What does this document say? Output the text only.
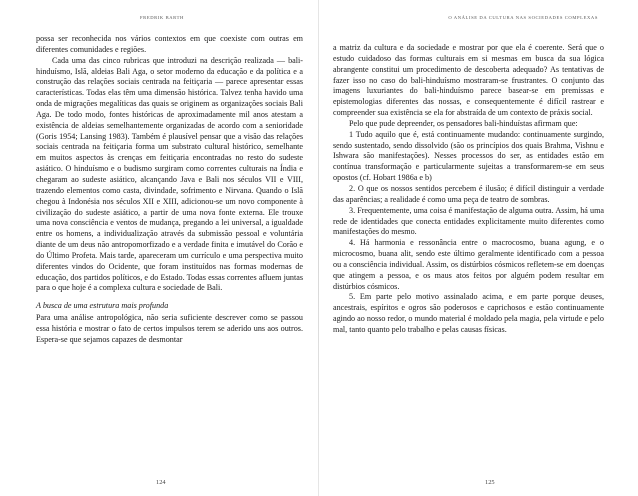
FREDRIK BARTH

possa ser reconhecida nos vários contextos em que coexiste com outras em diferentes comunidades e regiões.

Cada uma das cinco rubricas que introduzi na descrição realizada — bali-hinduísmo, Islã, aldeias Bali Aga, o setor moderno da educação e da política e a construção das relações sociais centrada na feitiçaria — parece apresentar essas características. Todas elas têm uma dimensão histórica. Talvez tenha havido uma onda de migrações megalíticas das quais se originem as organizações sociais Bali Aga. De todo modo, fontes históricas de aproximadamente mil anos atestam a existência de aldeias semelhantemente organizadas de acordo com a senioridade (Goris 1954; Lansing 1983). Também é plausível pensar que a visão das relações sociais centrada na feitiçaria forma um substrato cultural histórico, semelhante em muitos aspectos às crenças em feitiçaria encontradas no resto do sudeste asiático. O hinduísmo e o budismo surgiram como correntes culturais na Índia e chegaram ao sudeste asiático, alcançando Java e Bali nos séculos VII e VIII, trazendo elementos como casta, divindade, sofrimento e Nirvana. Quando o Islã chegou à Indonésia nos séculos XII e XIII, adicionou-se um novo componente à civilização do sudeste asiático, a partir de uma nova fonte externa. Ele trouxe uma nova consciência e ventos de mudança, pregando a lei universal, a igualdade entre os homens, a individualização através da submissão pessoal e voluntária diante de um deus não antropomorfizado e a verdade finita e imutável do Corão e do Último Profeta. Mais tarde, apareceram um currículo e uma perspectiva muito diferentes vindos do Ocidente, que foram instituídos nas formas modernas de educação, dos partidos políticos, e do Estado. Todas essas correntes afluem juntas para o que hoje é a complexa cultura e sociedade de Bali.

A busca de uma estrutura mais profunda

Para uma análise antropológica, não seria suficiente descrever como se passou essa história e mostrar o fato de certos impulsos terem se aderido uns aos outros. Espera-se que sejamos capazes de desmontar

124
O ANÁLISE DA CULTURA NAS SOCIEDADES COMPLEXAS

a matriz da cultura e da sociedade e mostrar por que ela é coerente. Será que o estudo cuidadoso das formas culturais em si mesmas em busca da sua lógica abrangente constitui um procedimento de descoberta adequado? As tentativas de fazer isso no caso do bali-hinduísmo mostraram-se frustrantes. O conjunto das imagens luxuriantes do bali-hinduísmo parece basear-se em premissas e epistemologias diferentes das nossas, e consequentemente é difícil rastrear e compreender sua existência se ela for abstraída de um contexto de práxis social.

Pelo que pude depreender, os pensadores bali-hinduístas afirmam que:

1 Tudo aquilo que é, está continuamente mudando: continuamente surgindo, sendo sustentado, sendo dissolvido (são os princípios dos quais Brahma, Vishnu e Ishwara são manifestações). Nesses processos do ser, as entidades estão em contínua transformação e particularmente sujeitas a transformarem-se em seus opostos (cf. Hobart 1986a e b)

2. O que os nossos sentidos percebem é ilusão; é difícil distinguir a verdade das aparências; a realidade é como uma peça de teatro de sombras.

3. Frequentemente, uma coisa é manifestação de alguma outra. Assim, há uma rede de identidades que conecta entidades explicitamente muito diferentes como manifestações do mesmo.

4. Há harmonia e ressonância entre o macrocosmo, buana agung, e o microcosmo, buana alit, sendo este último geralmente identificado com a pessoa ou a consciência individual. Assim, os distúrbios cósmicos refletem-se em doenças que atingem a pessoa, e os maus atos feitos por alguém podem resultar em distúrbios cósmicos.

5. Em parte pelo motivo assinalado acima, e em parte porque deuses, ancestrais, espíritos e ogros são poderosos e caprichosos e estão continuamente agindo ao nosso redor, o mundo material é moldado pela magia, pela virtude e pelo mal, tanto quanto pelo trabalho e pelas causas físicas.

125
